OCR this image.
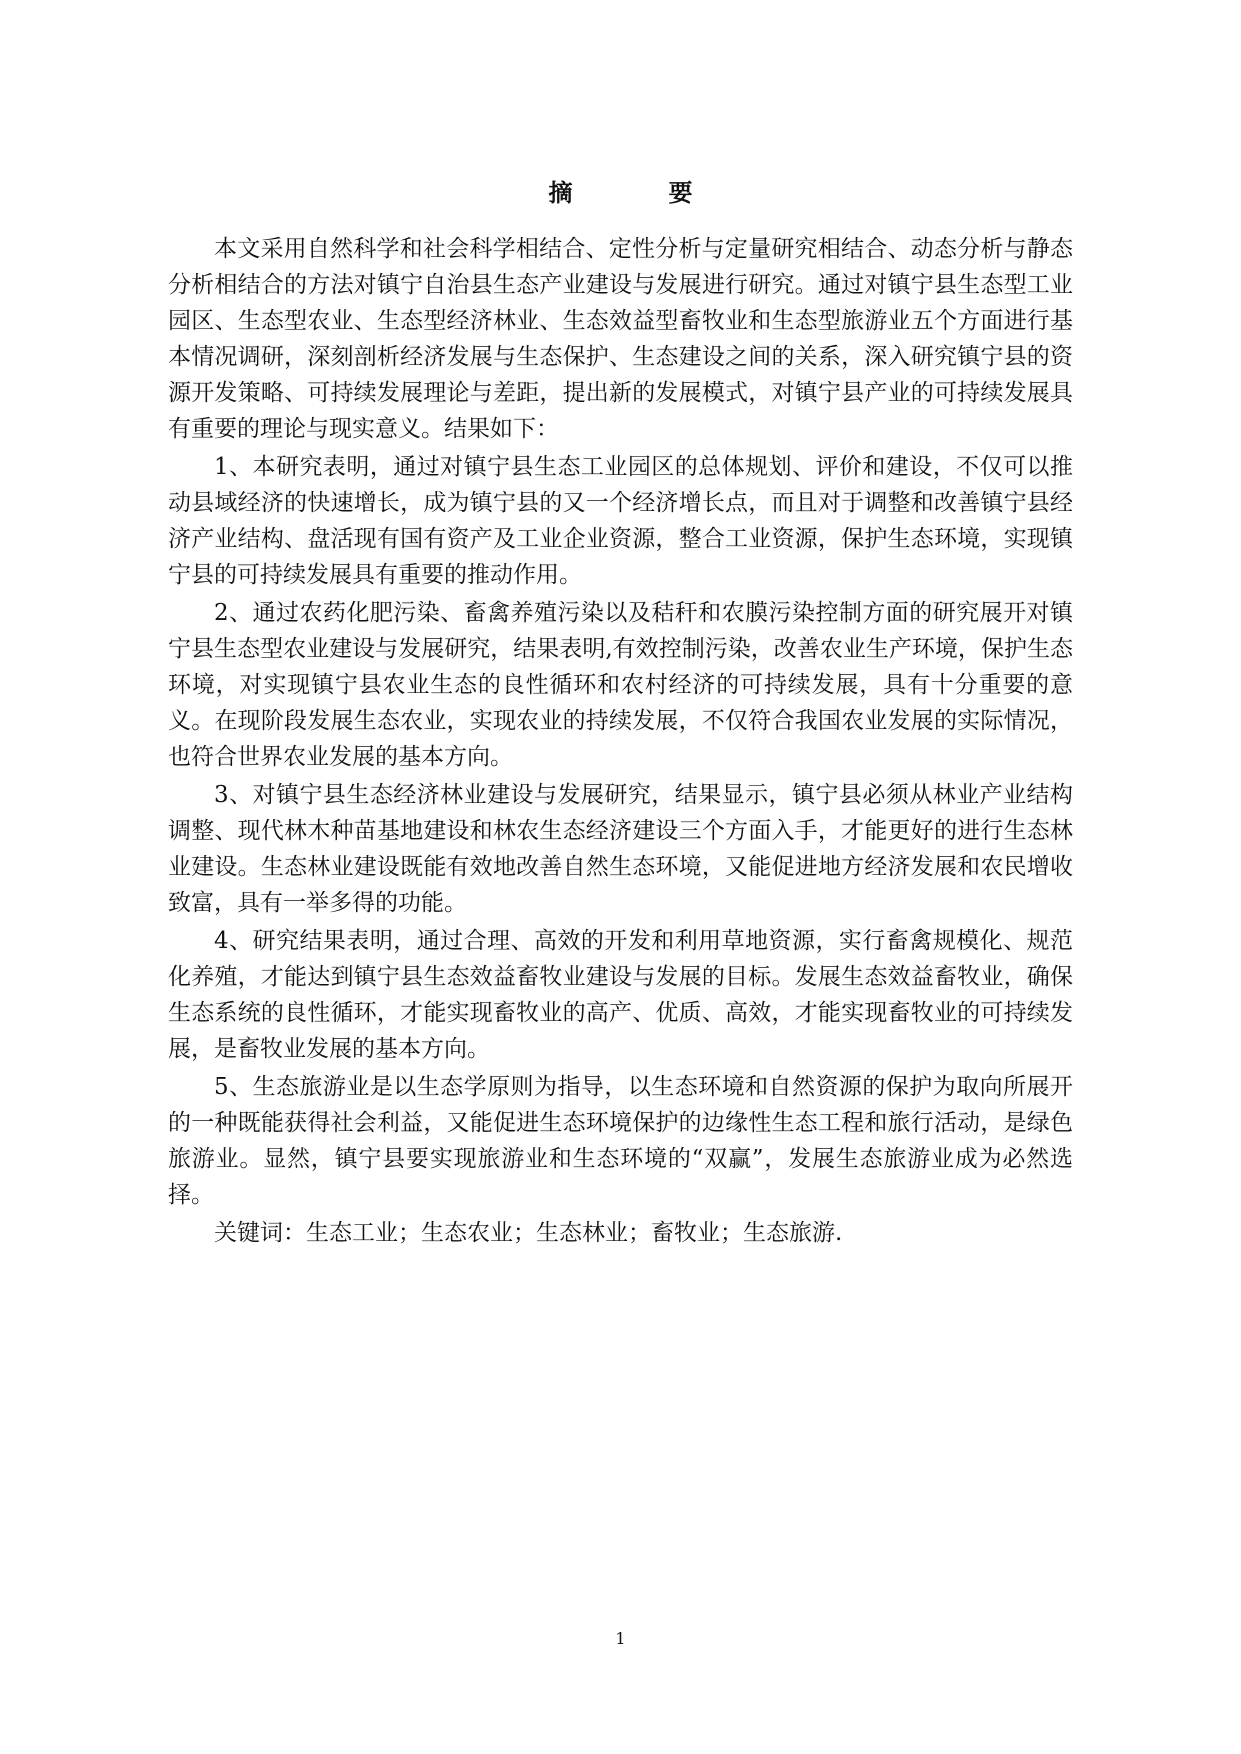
摘　要

本文采用自然科学和社会科学相结合、定性分析与定量研究相结合、动态分析与静态分析相结合的方法对镇宁自治县生态产业建设与发展进行研究。通过对镇宁县生态型工业园区、生态型农业、生态型经济林业、生态效益型畜牧业和生态型旅游业五个方面进行基本情况调研，深刻剖析经济发展与生态保护、生态建设之间的关系，深入研究镇宁县的资源开发策略、可持续发展理论与差距，提出新的发展模式，对镇宁县产业的可持续发展具有重要的理论与现实意义。结果如下：

1、本研究表明，通过对镇宁县生态工业园区的总体规划、评价和建设，不仅可以推动县域经济的快速增长，成为镇宁县的又一个经济增长点，而且对于调整和改善镇宁县经济产业结构、盘活现有国有资产及工业企业资源，整合工业资源，保护生态环境，实现镇宁县的可持续发展具有重要的推动作用。

2、通过农药化肥污染、畜禽养殖污染以及秸秆和农膜污染控制方面的研究展开对镇宁县生态型农业建设与发展研究，结果表明,有效控制污染，改善农业生产环境，保护生态环境，对实现镇宁县农业生态的良性循环和农村经济的可持续发展，具有十分重要的意义。在现阶段发展生态农业，实现农业的持续发展，不仅符合我国农业发展的实际情况，也符合世界农业发展的基本方向。

3、对镇宁县生态经济林业建设与发展研究，结果显示，镇宁县必须从林业产业结构调整、现代林木种苗基地建设和林农生态经济建设三个方面入手，才能更好的进行生态林业建设。生态林业建设既能有效地改善自然生态环境，又能促进地方经济发展和农民增收致富，具有一举多得的功能。

4、研究结果表明，通过合理、高效的开发和利用草地资源，实行畜禽规模化、规范化养殖，才能达到镇宁县生态效益畜牧业建设与发展的目标。发展生态效益畜牧业，确保生态系统的良性循环，才能实现畜牧业的高产、优质、高效，才能实现畜牧业的可持续发展，是畜牧业发展的基本方向。

5、生态旅游业是以生态学原则为指导，以生态环境和自然资源的保护为取向所展开的一种既能获得社会利益，又能促进生态环境保护的边缘性生态工程和旅行活动，是绿色旅游业。显然，镇宁县要实现旅游业和生态环境的“双赢”，发展生态旅游业成为必然选择。

关键词：生态工业；生态农业；生态林业；畜牧业；生态旅游.

1
